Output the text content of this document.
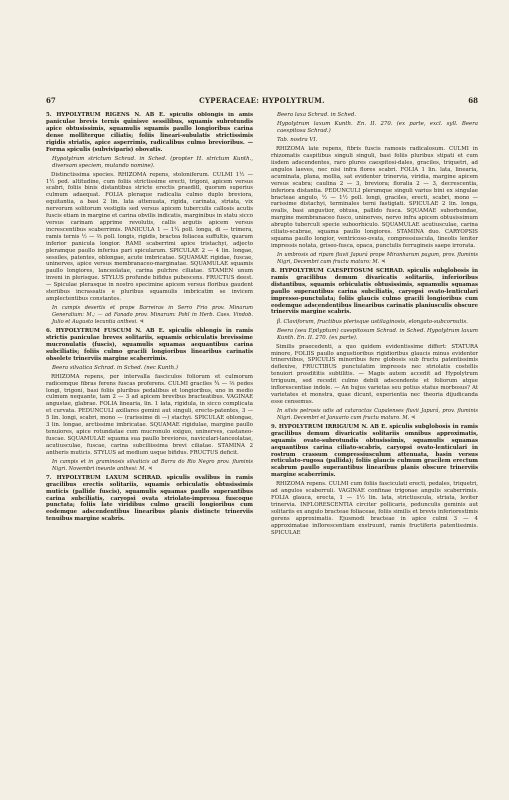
67	CYPERACEAE: HYPOLYTRUM.	68

5. HYPOLYTRUM RIGENS N. AB E. spiculis oblongis in amis paniculae brevis ternis quinisve sessilibus, squamis subrotundis apice obtusissimis, squamulis squamis paullo longioribus carina dense molliterque ciliatis; foliis lineari-subulatis strictissimis rigidis striatis, apice asperrimis, radicalibus culmo brevioribus. — Forma spiculis (subviviparis) obovatis.

Hypolytrum strictum Schrad. in Sched. (propter H. strictum Kunth., diversam speciem, mutando nomine).

Distinctissima species. RHIZOMA repens, stoloniferum. CULMI 1½ — 1½ ped. altitudine, cum foliis strictissime erecti, trigoni, apicem versus scabri, foliis binis distantibus stricte erectis praeditl, quorum superius culmum adaequat. FOLIA pleraque radicalia culmo duplo breviora, equitantia, a basi 2 lin. lata attenuata, rigida, carinata, striata, vix nervorum solitorum vestigiis sed versus apicem tuberculis callosis acutis fuscis etiam in margine et carina obvilis indicatis, marginibus in statu sicco versus carinam apprime revolutis, callis argutis apicem versus increscentibus scaberrimis. PANICULA 1 — 1¼ poll. longa, di — trimera, ramis ternis ½ — ⅔ poll. longis, rigidis, bractea foliacea suffultis, quarum inferior panicula longior. RAMI scaberrimi apice tristachyi, adjecto pleramque paullo inferius pari spicularum. SPICULAE 2 — 4 lin. longae, sessiles, patentes, oblongae, acute imbricatae. SQUAMAE rigidae, fuscae, uninerves, apice versus membranaceo-marginatae. SQUAMULAE squamis paullo longiores, lanceolatae, carina pulchre ciliatae. STAMEN unum inveni in plerisque. STYLUS profunde bifidus pubescens. FRUCTUS deest. — Spiculae plerasque in nostro specimine apicem versus floribus gaudent steriibus incrassatis e pluribus squamulis imbricatim se invicem amplectentibus constantes.

In campis desertis et prope Barreiras in Serro Frio prov. Minarum Generalium: M.; — ad Fanado prov. Minarum: Pohl in Herb. Caes. Vindob. Julio et Augusto lecuntia anthesi. ♃

6. HYPOLYTRUM FUSCUM N. AB E. spiculis oblongis in ramis strictis paniculae breves solitariis, squamis orbiculatis brevissime mucronulatis (fuscis), squamulis squamas aequantibus carina subciliatis; foliis culmo gracili longioribus linearibus carinatis obsolete trinerviis margine scaberrimis.

Beera silvatica Schrad. in Sched. (nec Kunth.)

RHIZOMA repens, per intervalla fasciculos foliorum et culmorum radicemque fibras ferens fuscas proferens. CULMI graciles ¾ — ⅔ pedes longi, trigoni, basi foliis pluribus pedalibus et longioribus, uno in medio culmum nequante, tam 2 — 3 ad apicem brevibus bracteatibus. VAGINAE angustae, glabrae. FOLIA linearia, lin. 1 lata, rigidula, in sicco complicata et curvata. PEDUNCULI axillares gemini aut singuli, erecto-patentes, 3 — 5 lin. longi, scabri, mono — (rarissime di —) stachyi. SPICULAE oblongae, 3 lin. longae, arctissime imbricatae. SQUAMAE rigidulae, margine paullo tenuiores, apice rotundatae cum mucronulo exiguo, uninerves, castaneo-fuscae. SQUAMULAE squama sua paullo breviores, naviculari-lanceolatae, acutiusculae, fuscae, carina subciliissima brevi ciliatae. STAMINA 2 antheris muticis. STYLUS ad medium usque bifidus. FRUCTUS deficit.

In campis et in graminosis silvaticis ad Barra do Rio Negro prov. fluminis Nigri. Novembri ineunte anthesi: M. ♃

7. HYPOLYTRUM LAXUM SCHRAD. spiculis ovalibus in ramis gracilibus erectis solitariis, squamis orbiculatis obtusissimis muticis (pallide fuscis), squamulis squamas paullo superantibus carina subciliatis, caryopsi ovata striolato-impressa fuscoque punctata; foliis late viridibus culmo gracili longioribus cum eodemque adscendentibus linearibus planis distincte trinerviis tenuibus margine scabris.

Beera laxa Schrad. in Sched.

Hypolytrum laxum Kunth. En. II. 270. (ex parte, excl. syll. Beera caespitosa Schrad.)

Tab. nostra VI.

RHIZOMA late repens, fibris fuscis ramosis radicalosum. CULMI in rhizomatis caspitibus singuli singuli, basi foliis pluribus stipati et cum iisdem adscendentes, raro plures caespitosi-dales, graciles, triquetri, ad angulos laeves, nec nisi infra flores scabri. FOLIA 1 lin. lata, linearia, acuminata, plana, mollia, sat evidenter trinervia, viridia, margine apicem versus scabra; caulina 2 — 3, breviora; floralia 2 — 3, decrescentia, inferiora distantia. PEDUNCULI plerumque singuli varius bini ex singulae bracteae angulo, ½ — 1½ poll. longi, graciles, erecti, scabri, mono — rarissime distachyi, terminales terni fastigiati. SPICULAE 2 lin. longa, ovalis, basi angustior, obtusa, pallido fusca. SQUAMAE suborbundae, margine membranaceo fusco, uninerves, nervo infra apicem obtusissimum abrupto tuberculi specie suboorbiculo. SQUAMULAE acutiusculae, carina ciliato-scabrae, squama paullo longiores. STAMINA duo. CARYOPSIS squama paullo longior, ventricoso-ovata, compressiuscula, lineolis leniter impressis notata, griseo-fusca, opaca, punctulis ferrugineis saepe irrorata.

In umbrosis ad ripam fluvii Japurá prope Miranharum pagum, prov. fluminis Nigri, Decembri cum fructu maturo: M. ♃

8. HYPOLYTRUM CAESPITOSUM SCHRAD. spiculis subglobosis in ramis gracilibus demum divaricatis solitariis, inferioribus distantibus, squamis orbiculatis obtusissimis, squamulis squamas paullo superantibus carina subciliatis, caryopsi ovato-lenticulari impresso-punctulata; foliis glaucis culmo gracili longioribus cum eodemque adscendentibus linearibus carinatis planiusculis obscure trinerviis margine scabris.

β. Claviforum, fructibus plerisque ustilaginosis, elongato-subcornutis.

Beera (seu Epilyptum) caespitosum Schrad. in Sched. Hypolytrum laxum Kunth. En. II. 270. (ex parte).

Similis praecedenti, a quo quidem evidentissime differt: STATURA minore, FOLIIS paullo angustioribus rigidioribus glaucis minus evidenter trinerviibus, SPICULIS minoribus fere globosis sub fructu patentissimis deflexive, FRUCTIBUS punctulatim impressis nec striolatis costellis tenuiori prosdititis subtilitis. — Magis autem accedit ad Hypolytrum trriguum, sed recedit culmo debili adscendente et foliorum atque inflorescentiae indole. — An hujus varietas seu potius status morbosus? At varietates et monstra, quae dicunt, experientia nec theoria dijudicanda esse censemus.

In silvis petrosis udis ad cataractas Cupalenses fluvii Japurá, prov. fluminis Nigri. Decembri et Januario cum fructu maturo. M. ♃

9. HYPOLYTRUM IRRIGUUM N. AB E. spiculis subglobosis in ramis gracilibus demum divaricatis solitariis omnibus approximatis, squamis ovato-subrotundis obtusissimis, squamulis squamas aequantibus carina ciliato-scabris, caryopsi ovato-lenticulari in rostrum crassum compressiusculum attenuata, basin versus reticulato-rugosa (pallida); foliis glaucis culmum gracilem erectum scabrum paullo superantibus linearibus planis obscure trinerviis margine scaberrimis.

RHIZOMA repens. CULMI cum foliis fasciculati erecti, pedales, triquetri, ad angulos scaberruli. VAGINAE confinae trigonae angulis scaberrimis. FOLIA glauca, erecta, 1 — 1½ lin. lata, strictiuscula, striata, leviter trinervia. INFLORESCENTIA circiter pollicaris, pedunculis geminis aut solitariis ex angulo bracteae foliaceae, foliis similis et brevis inferiorestimis gerens approximatis. Ejusmodi bracteae in apice culmi 3 — 4 approximatae inflorescentiam exstruunt, ramis fructiferis patentissimis. SPICULAE
